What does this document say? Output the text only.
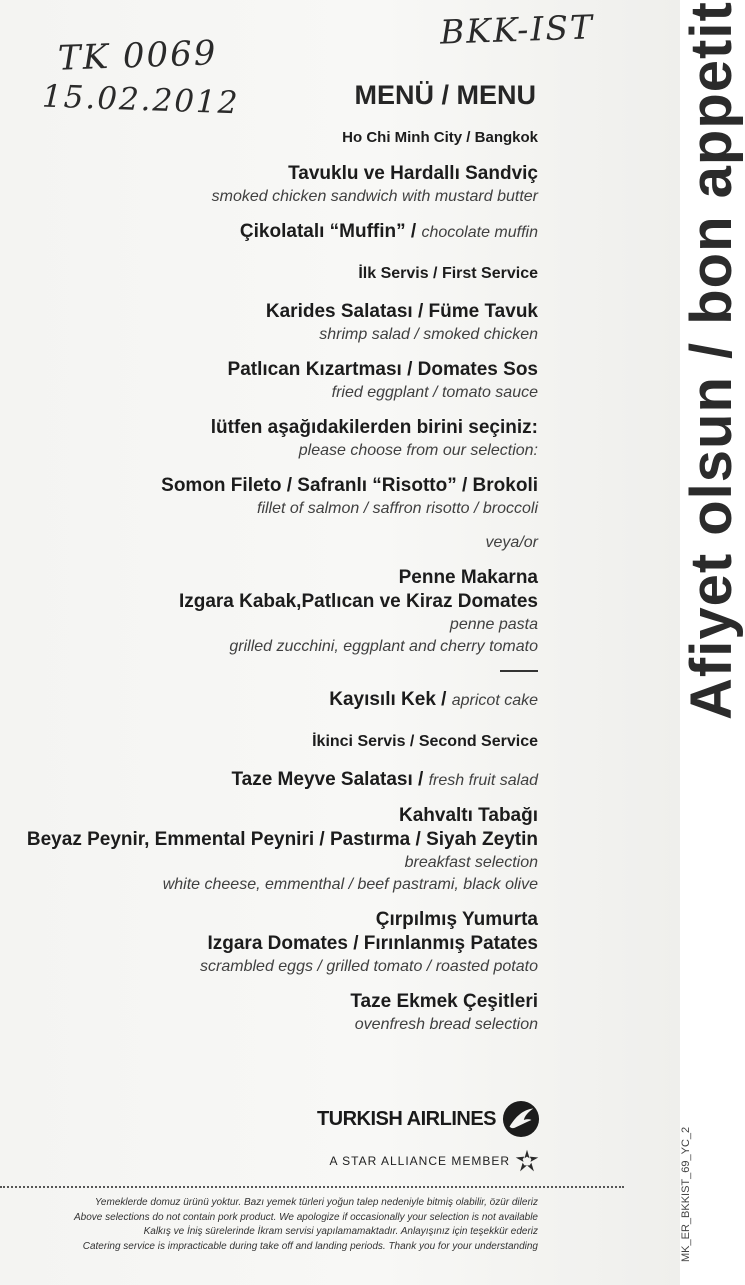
TK 0069
15.02.2012
BKK-IST
MENÜ / MENU
Ho Chi Minh City / Bangkok
Tavuklu ve Hardallı Sandviç
smoked chicken sandwich with mustard butter
Çikolatalı “Muffin” / chocolate muffin
İlk Servis / First Service
Karides Salatası / Füme Tavuk
shrimp salad / smoked chicken
Patlıcan Kızartması / Domates Sos
fried eggplant / tomato sauce
lütfen aşağıdakilerden birini seçiniz:
please choose from our selection:
Somon Fileto / Safranlı “Risotto” / Brokoli
fillet of salmon / saffron risotto / broccoli
veya/or
Penne Makarna
Izgara Kabak,Patlıcan ve Kiraz Domates
penne pasta
grilled zucchini, eggplant and cherry tomato
Kayısılı Kek / apricot cake
İkinci Servis / Second Service
Taze Meyve Salatası / fresh fruit salad
Kahvaltı Tabağı
Beyaz Peynir, Emmental Peyniri / Pastırma / Siyah Zeytin
breakfast selection
white cheese, emmenthal / beef pastrami, black olive
Çırpılmış Yumurta
Izgara Domates / Fırınlanmış Patates
scrambled eggs / grilled tomato / roasted potato
Taze Ekmek Çeşitleri
ovenfresh bread selection
Afiyet olsun / bon appetit
TURKISH AIRLINES
A STAR ALLIANCE MEMBER
Yemeklerde domuz ürünü yoktur. Bazı yemek türleri yoğun talep nedeniyle bitmiş olabilir, özür dileriz
Above selections do not contain pork product. We apologize if occasionally your selection is not available
Kalkış ve İniş sürelerinde İkram servisi yapılamamaktadır. Anlayışınız için teşekkür ederiz
Catering service is impracticable during take off and landing periods. Thank you for your understanding	MK_ER_BKKIST_69_YC_2
